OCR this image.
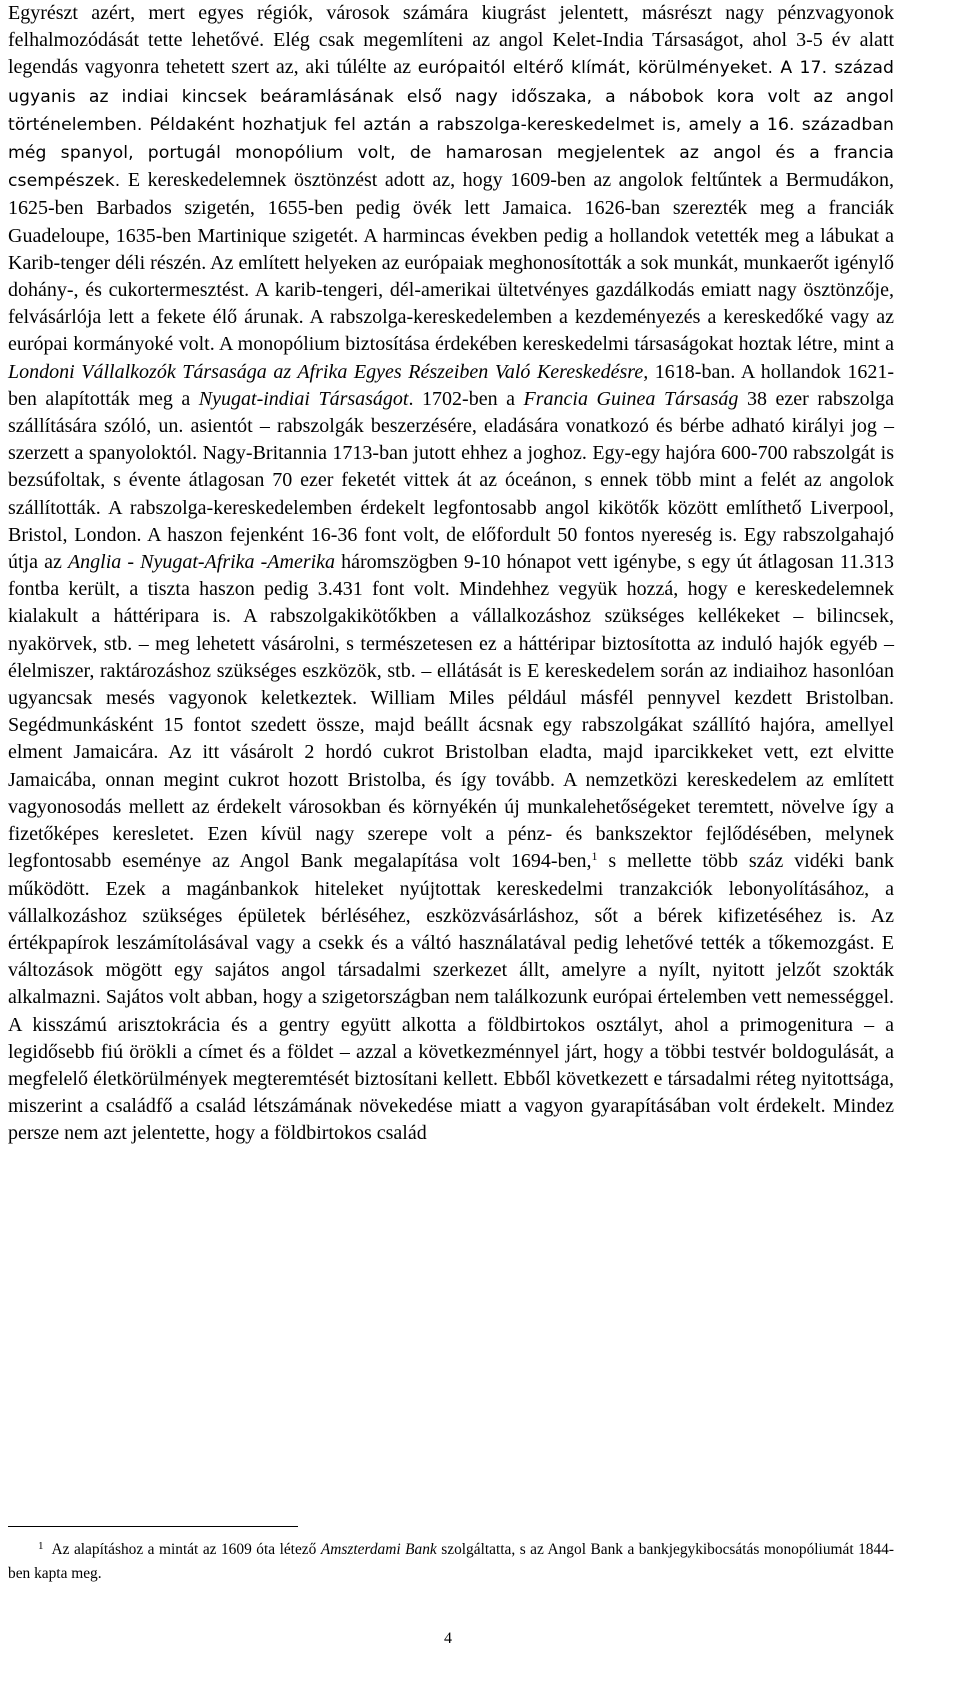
Egyrészt azért, mert egyes régiók, városok számára kiugrást jelentett, másrészt nagy pénzvagyonok felhalmozódását tette lehetővé. Elég csak megemlíteni az angol Kelet-India Társaságot, ahol 3-5 év alatt legendás vagyonra tehetett szert az, aki túlélte az európaitól eltérő klímát, körülményeket. A 17. század ugyanis az indiai kincsek beáramlásának első nagy időszaka, a nábobok kora volt az angol történelemben. Példaként hozhatjuk fel aztán a rabszolga-kereskedelmet is, amely a 16. században még spanyol, portugál monopólium volt, de hamarosan megjelentek az angol és a francia csempészek. E kereskedelemnek ösztönzést adott az, hogy 1609-ben az angolok feltűntek a Bermudákon, 1625-ben Barbados szigetén, 1655-ben pedig övék lett Jamaica. 1626-ban szerezték meg a franciák Guadeloupe, 1635-ben Martinique szigetét. A harmincas években pedig a hollandok vetették meg a lábukat a Karib-tenger déli részén. Az említett helyeken az európaiak meghonosították a sok munkát, munkaerőt igénylő dohány-, és cukortermesztést. A karib-tengeri, dél-amerikai ültetvényes gazdálkodás emiatt nagy ösztönzője, felvásárlója lett a fekete élő árunak. A rabszolga-kereskedelemben a kezdeményezés a kereskedőké vagy az európai kormányoké volt. A monopólium biztosítása érdekében kereskedelmi társaságokat hoztak létre, mint a Londoni Vállalkozók Társasága az Afrika Egyes Részeiben Való Kereskedésre, 1618-ban. A hollandok 1621-ben alapították meg a Nyugat-indiai Társaságot. 1702-ben a Francia Guinea Társaság 38 ezer rabszolga szállítására szóló, un. asientót – rabszolgák beszerzésére, eladására vonatkozó és bérbe adható királyi jog – szerzett a spanyoloktól. Nagy-Britannia 1713-ban jutott ehhez a joghoz. Egy-egy hajóra 600-700 rabszolgát is bezsúfoltak, s évente átlagosan 70 ezer feketét vittek át az óceánon, s ennek több mint a felét az angolok szállították. A rabszolga-kereskedelemben érdekelt legfontosabb angol kikötők között említhető Liverpool, Bristol, London. A haszon fejenként 16-36 font volt, de előfordult 50 fontos nyereség is. Egy rabszolgahajó útja az Anglia - Nyugat-Afrika -Amerika háromszögben 9-10 hónapot vett igénybe, s egy út átlagosan 11.313 fontba került, a tiszta haszon pedig 3.431 font volt. Mindehhez vegyük hozzá, hogy e kereskedelemnek kialakult a háttéripara is. A rabszolgakikötőkben a vállalkozáshoz szükséges kellékeket – bilincsek, nyakörvek, stb. – meg lehetett vásárolni, s természetesen ez a háttéripar biztosította az induló hajók egyéb – élelmiszer, raktározáshoz szükséges eszközök, stb. – ellátását is E kereskedelem során az indiaihoz hasonlóan ugyancsak mesés vagyonok keletkeztek. William Miles például másfél pennyvel kezdett Bristolban. Segédmunkásként 15 fontot szedett össze, majd beállt ácsnak egy rabszolgákat szállító hajóra, amellyel elment Jamaicára. Az itt vásárolt 2 hordó cukrot Bristolban eladta, majd iparcikkeket vett, ezt elvitte Jamaicába, onnan megint cukrot hozott Bristolba, és így tovább. A nemzetközi kereskedelem az említett vagyonosodás mellett az érdekelt városokban és környékén új munkalehetőségeket teremtett, növelve így a fizetőképes keresletet. Ezen kívül nagy szerepe volt a pénz- és bankszektor fejlődésében, melynek legfontosabb eseménye az Angol Bank megalapítása volt 1694-ben,$^1$ s mellette több száz vidéki bank működött. Ezek a magánbankok hiteleket nyújtottak kereskedelmi tranzakciók lebonyolításához, a vállalkozáshoz szükséges épületek bérléséhez, eszközvásárláshoz, sőt a bérek kifizetéséhez is. Az értékpapírok leszámítolásával vagy a csekk és a váltó használatával pedig lehetővé tették a tőkemozgást. E változások mögött egy sajátos angol társadalmi szerkezet állt, amelyre a nyílt, nyitott jelzőt szokták alkalmazni. Sajátos volt abban, hogy a szigetországban nem találkozunk európai értelemben vett nemességgel. A kisszámú arisztokrácia és a gentry együtt alkotta a földbirtokos osztályt, ahol a primogenitura – a legidősebb fiú örökli a címet és a földet – azzal a következménnyel járt, hogy a többi testvér boldogulását, a megfelelő életkörülmények megteremtését biztosítani kellett. Ebből következett e társadalmi réteg nyitottsága, miszerint a családfő a család létszámának növekedése miatt a vagyon gyarapításában volt érdekelt. Mindez persze nem azt jelentette, hogy a földbirtokos család

1 Az alapításhoz a mintát az 1609 óta létező Amszterdami Bank szolgáltatta, s az Angol Bank a bankjegykibocsátás monopóliumát 1844-ben kapta meg.
4
